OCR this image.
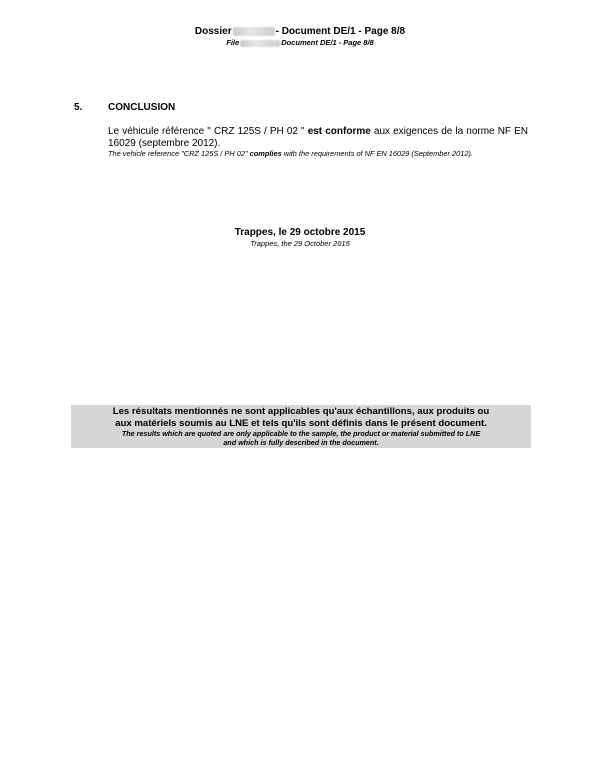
Dossier	- Document DE/1 - Page 8/8
File	Document DE/1 - Page 8/8
5.	CONCLUSION
Le véhicule référence " CRZ 125S / PH 02 " est conforme aux exigences de la norme NF EN 16029 (septembre 2012).
The vehicle reference "CRZ 125S / PH 02" complies with the requirements of NF EN 16029 (September 2012).
Trappes, le 29 octobre 2015
Trappes, the 29 October 2015
Les résultats mentionnés ne sont applicables qu'aux échantillons, aux produits ou
aux matériels soumis au LNE et tels qu'ils sont définis dans le présent document.
The results which are quoted are only applicable to the sample, the product or material submitted to LNE
and which is fully described in the document.
